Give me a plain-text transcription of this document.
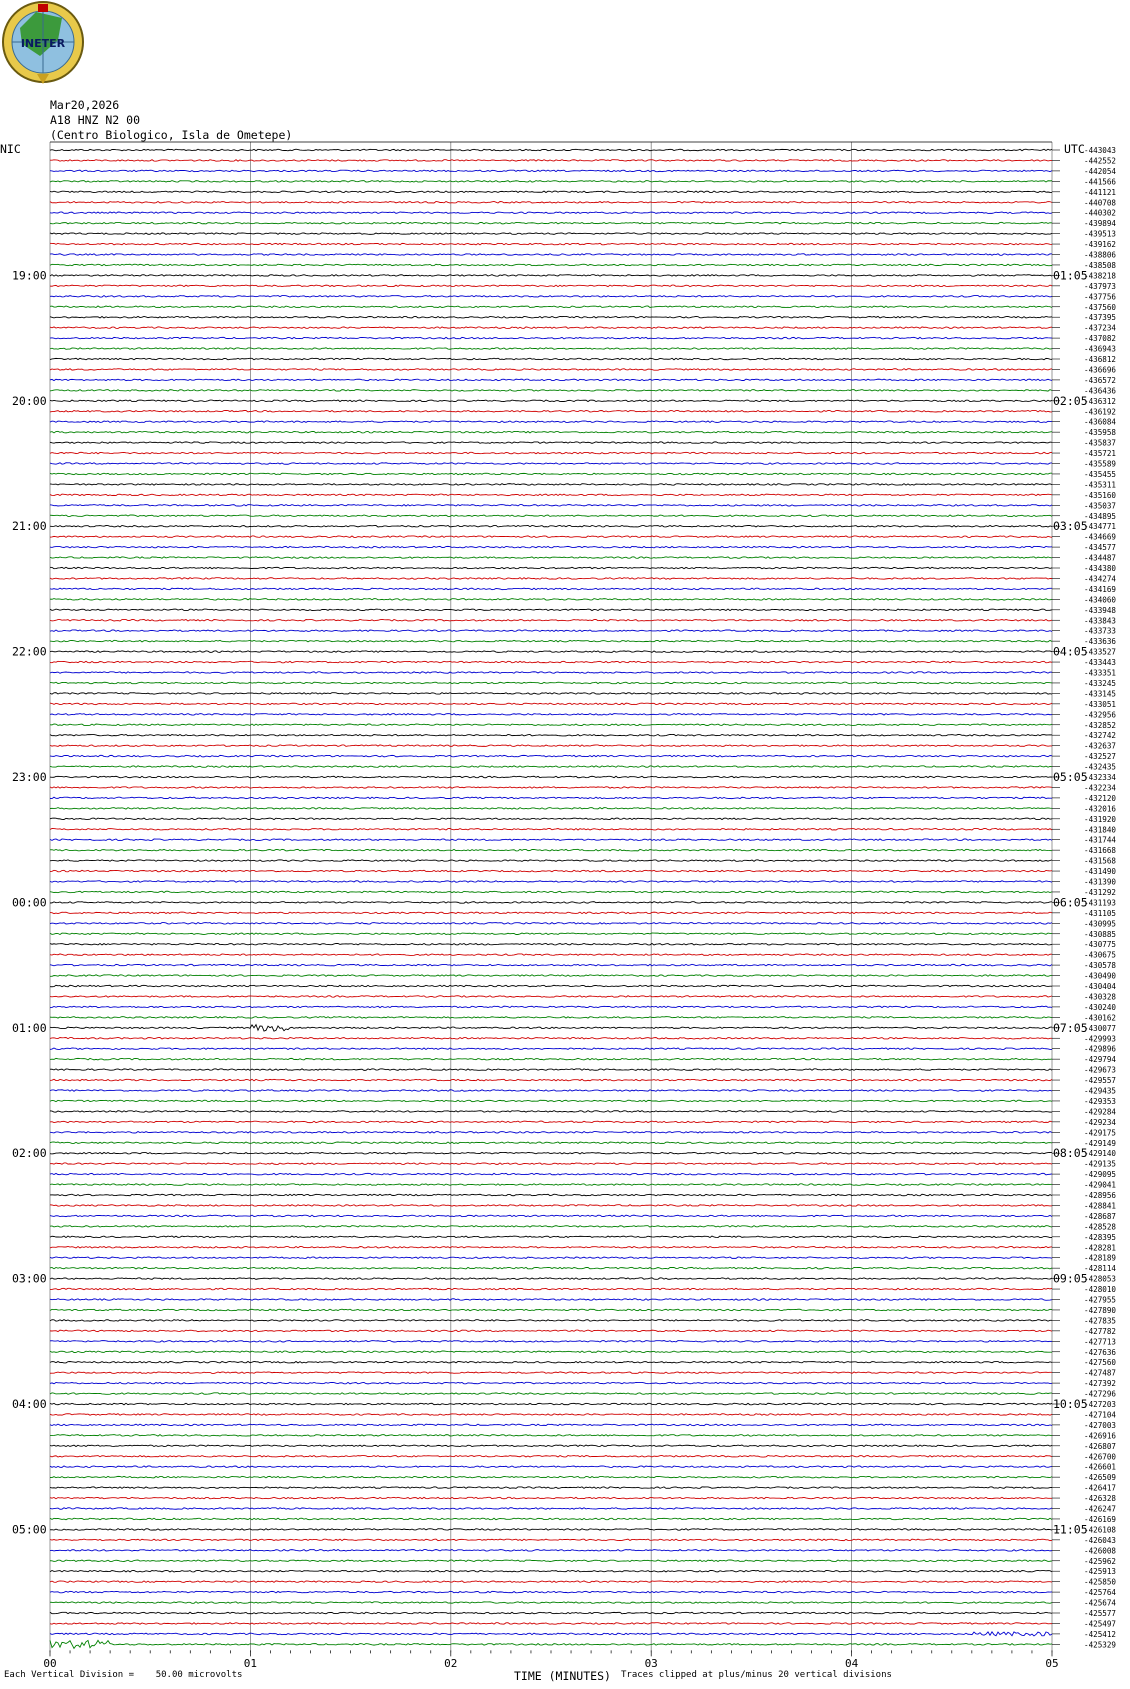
INETER
Mar20,2026
A18 HNZ N2 00
(Centro Biologico, Isla de Ometepe)
00	01	02	03	04	05
-443043
-442552
-442054
-441566
-441121
-440708
-440302
-439894
-439513
-439162
-438806
-438508
-438218
-437973
-437756
-437560
-437395
-437234
-437082
-436943
-436812
-436696
-436572
-436436
-436312
-436192
-436084
-435958
-435837
-435721
-435589
-435455
-435311
-435160
-435037
-434895
-434771
-434669
-434577
-434487
-434380
-434274
-434169
-434060
-433948
-433843
-433733
-433636
-433527
-433443
-433351
-433245
-433145
-433051
-432956
-432852
-432742
-432637
-432527
-432435
-432334
-432234
-432120
-432016
-431920
-431840
-431744
-431668
-431568
-431490
-431390
-431292
-431193
-431105
-430995
-430885
-430775
-430675
-430578
-430490
-430404
-430328
-430240
-430162
-430077
-429993
-429896
-429794
-429673
-429557
-429435
-429353
-429284
-429234
-429175
-429149
-429140
-429135
-429095
-429041
-428956
-428841
-428687
-428528
-428395
-428281
-428189
-428114
-428053
-428010
-427955
-427890
-427835
-427782
-427713
-427636
-427560
-427487
-427392
-427296
-427203
-427104
-427003
-426916
-426807
-426700
-426601
-426509
-426417
-426328
-426247
-426169
-426108
-426043
-426008
-425962
-425913
-425850
-425764
-425674
-425577
-425497
-425412
-425329
NIC	UTC
19:00
20:00
21:00
22:00
23:00
00:00
01:00
02:00
03:00
04:00
05:00
01:05
02:05
03:05
04:05
05:05
06:05
07:05
08:05
09:05
10:05
11:05
Each Vertical Division =    50.00 microvolts	TIME (MINUTES) Traces clipped at plus/minus 20 vertical divisions
